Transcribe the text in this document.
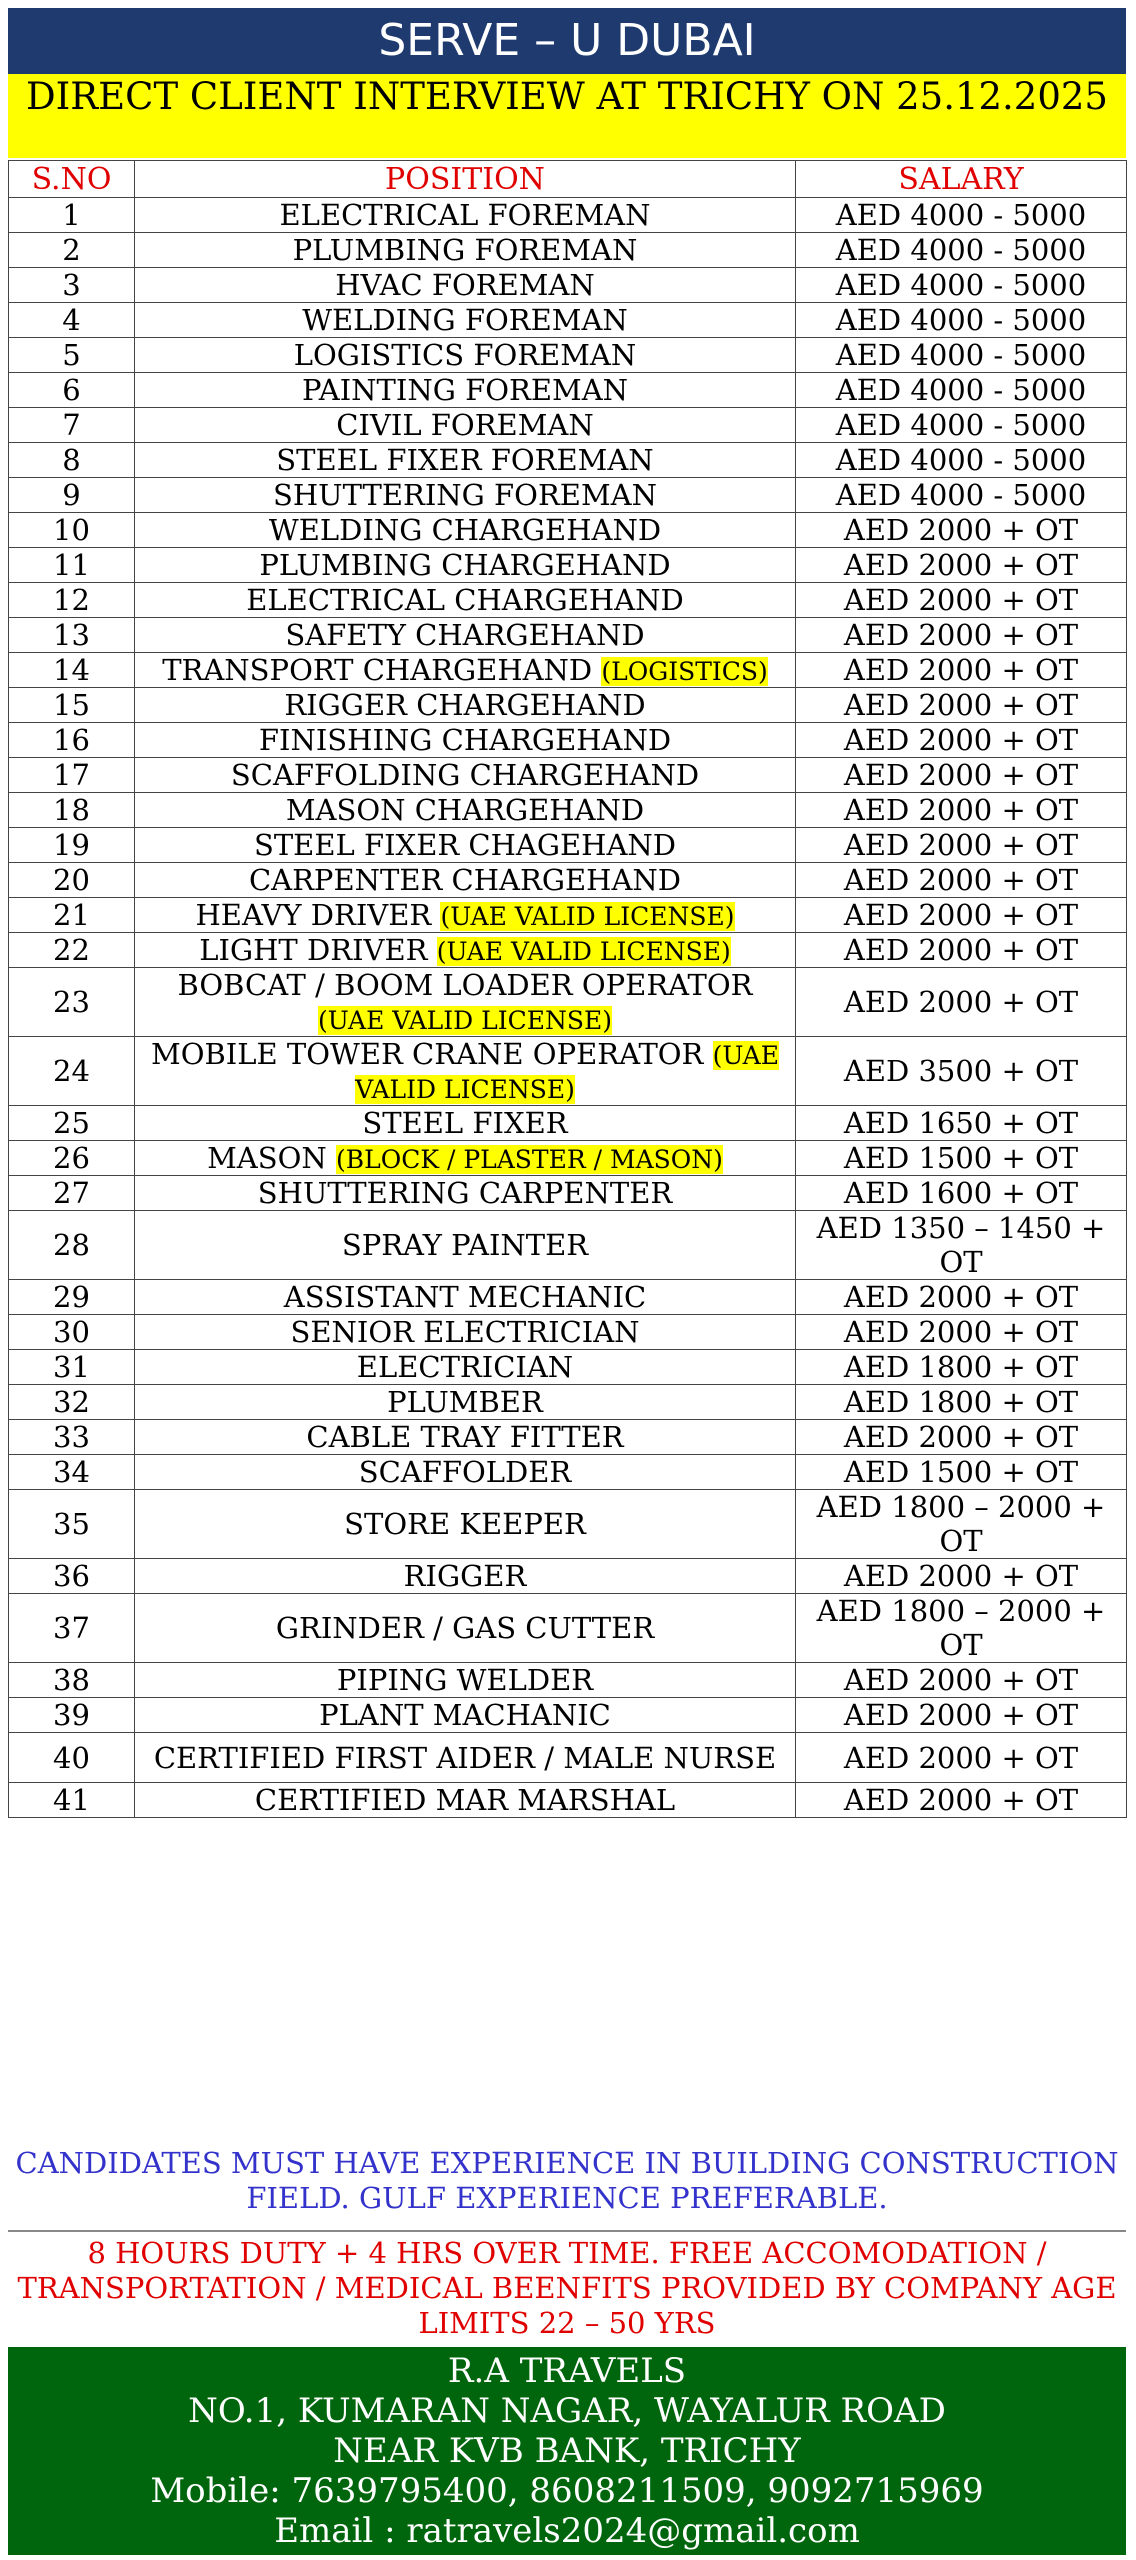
SERVE – U DUBAI
DIRECT CLIENT INTERVIEW AT TRICHY ON 25.12.2025
S.NO	POSITION	SALARY
1	ELECTRICAL FOREMAN	AED 4000 - 5000
2	PLUMBING FOREMAN	AED 4000 - 5000
3	HVAC FOREMAN	AED 4000 - 5000
4	WELDING FOREMAN	AED 4000 - 5000
5	LOGISTICS FOREMAN	AED 4000 - 5000
6	PAINTING FOREMAN	AED 4000 - 5000
7	CIVIL FOREMAN	AED 4000 - 5000
8	STEEL FIXER FOREMAN	AED 4000 - 5000
9	SHUTTERING FOREMAN	AED 4000 - 5000
10	WELDING CHARGEHAND	AED 2000 + OT
11	PLUMBING CHARGEHAND	AED 2000 + OT
12	ELECTRICAL CHARGEHAND	AED 2000 + OT
13	SAFETY CHARGEHAND	AED 2000 + OT
14	TRANSPORT CHARGEHAND (LOGISTICS)	AED 2000 + OT
15	RIGGER CHARGEHAND	AED 2000 + OT
16	FINISHING CHARGEHAND	AED 2000 + OT
17	SCAFFOLDING CHARGEHAND	AED 2000 + OT
18	MASON CHARGEHAND	AED 2000 + OT
19	STEEL FIXER CHAGEHAND	AED 2000 + OT
20	CARPENTER CHARGEHAND	AED 2000 + OT
21	HEAVY DRIVER (UAE VALID LICENSE)	AED 2000 + OT
22	LIGHT DRIVER (UAE VALID LICENSE)	AED 2000 + OT
23	BOBCAT / BOOM LOADER OPERATOR (UAE VALID LICENSE)	AED 2000 + OT
24	MOBILE TOWER CRANE OPERATOR (UAE VALID LICENSE)	AED 3500 + OT
25	STEEL FIXER	AED 1650 + OT
26	MASON (BLOCK / PLASTER / MASON)	AED 1500 + OT
27	SHUTTERING CARPENTER	AED 1600 + OT
28	SPRAY PAINTER	AED 1350 – 1450 + OT
29	ASSISTANT MECHANIC	AED 2000 + OT
30	SENIOR ELECTRICIAN	AED 2000 + OT
31	ELECTRICIAN	AED 1800 + OT
32	PLUMBER	AED 1800 + OT
33	CABLE TRAY FITTER	AED 2000 + OT
34	SCAFFOLDER	AED 1500 + OT
35	STORE KEEPER	AED 1800 – 2000 + OT
36	RIGGER	AED 2000 + OT
37	GRINDER / GAS CUTTER	AED 1800 – 2000 + OT
38	PIPING WELDER	AED 2000 + OT
39	PLANT MACHANIC	AED 2000 + OT
40	CERTIFIED FIRST AIDER / MALE NURSE	AED 2000 + OT
41	CERTIFIED MAR MARSHAL	AED 2000 + OT
CANDIDATES MUST HAVE EXPERIENCE IN BUILDING CONSTRUCTION FIELD. GULF EXPERIENCE PREFERABLE.
8 HOURS DUTY + 4 HRS OVER TIME. FREE ACCOMODATION / TRANSPORTATION / MEDICAL BEENFITS PROVIDED BY COMPANY AGE LIMITS 22 – 50 YRS
R.A TRAVELS
NO.1, KUMARAN NAGAR, WAYALUR ROAD
NEAR KVB BANK, TRICHY
Mobile: 7639795400, 8608211509, 9092715969
Email : ratravels2024@gmail.com
